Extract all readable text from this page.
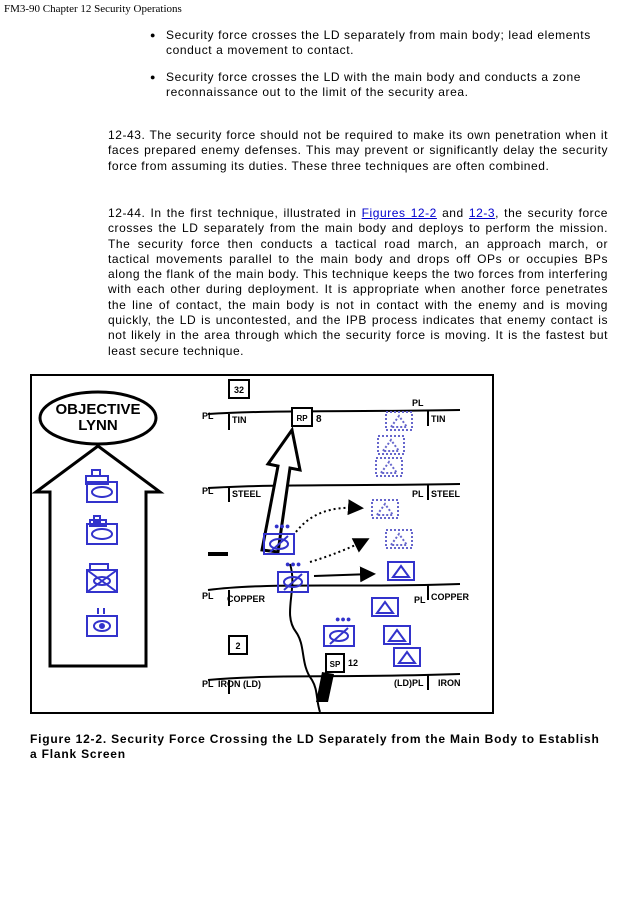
FM3-90 Chapter 12 Security Operations
● Security force crosses the LD separately from main body; lead elements conduct a movement to contact.
● Security force crosses the LD with the main body and conducts a zone reconnaissance out to the limit of the security area.

12-43. The security force should not be required to make its own penetration when it faces prepared enemy defenses. This may prevent or significantly delay the security force from assuming its duties. These three techniques are often combined.

12-44. In the first technique, illustrated in Figures 12-2 and 12-3, the security force crosses the LD separately from the main body and deploys to perform the mission. The security force then conducts a tactical road march, an approach march, or tactical movements parallel to the main body and drops off OPs or occupies BPs along the flank of the main body. This technique keeps the two forces from interfering with each other during deployment. It is appropriate when another force penetrates the line of contact, the main body is not in contact with the enemy and is moving quickly, the LD is uncontested, and the IPB process indicates that enemy contact is not likely in the area through which the security force is moving. It is the fastest but least secure technique.

OBJECTIVE
LYNN
PL TIN
PL
TIN
PL STEEL	PL STEEL
PL COPPER	PL COPPER
PL IRON (LD)	(LD)PL IRON
32
2
RP 8
SP 12
●●●
●●●
●●●

Figure 12-2. Security Force Crossing the LD Separately from the Main Body to Establish a Flank Screen
